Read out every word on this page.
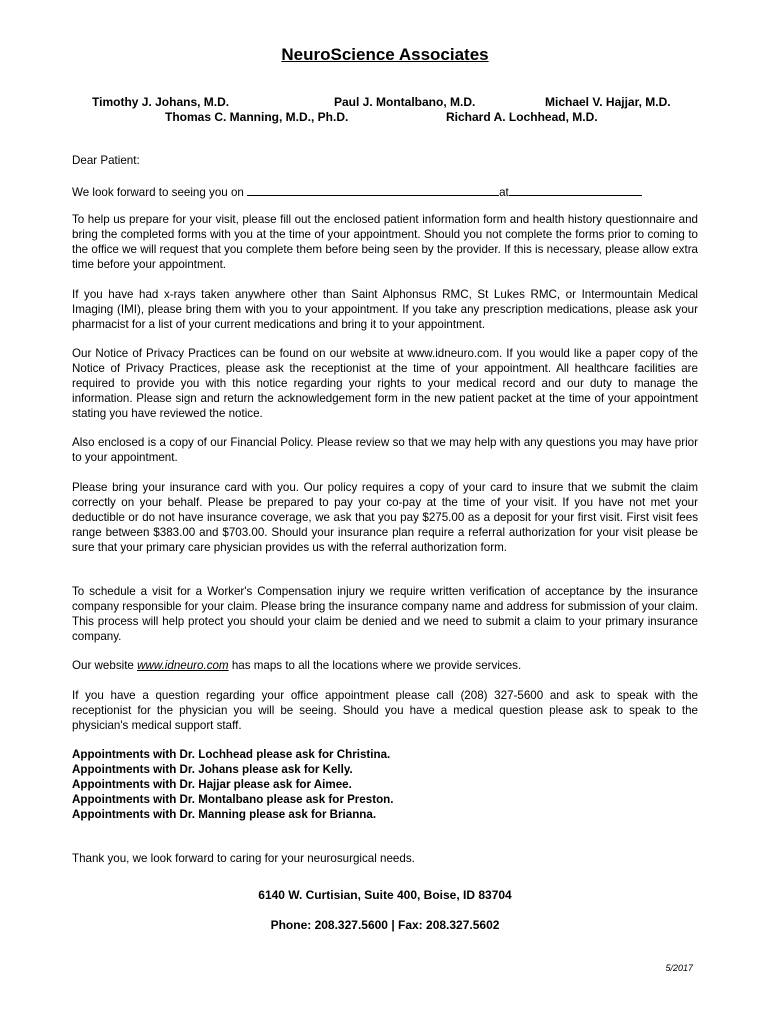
NeuroScience Associates
Timothy J. Johans, M.D.	Paul J. Montalbano, M.D.	Michael V. Hajjar, M.D.
Thomas C. Manning, M.D., Ph.D.	Richard A. Lochhead, M.D.
Dear Patient:
We look forward to seeing you on	at

To help us prepare for your visit, please fill out the enclosed patient information form and health history questionnaire and bring the completed forms with you at the time of your appointment. Should you not complete the forms prior to coming to the office we will request that you complete them before being seen by the provider. If this is necessary, please allow extra time before your appointment.

If you have had x-rays taken anywhere other than Saint Alphonsus RMC, St Lukes RMC, or Intermountain Medical Imaging (IMI), please bring them with you to your appointment. If you take any prescription medications, please ask your pharmacist for a list of your current medications and bring it to your appointment.

Our Notice of Privacy Practices can be found on our website at www.idneuro.com. If you would like a paper copy of the Notice of Privacy Practices, please ask the receptionist at the time of your appointment. All healthcare facilities are required to provide you with this notice regarding your rights to your medical record and our duty to manage the information. Please sign and return the acknowledgement form in the new patient packet at the time of your appointment stating you have reviewed the notice.

Also enclosed is a copy of our Financial Policy. Please review so that we may help with any questions you may have prior to your appointment.

Please bring your insurance card with you. Our policy requires a copy of your card to insure that we submit the claim correctly on your behalf. Please be prepared to pay your co-pay at the time of your visit. If you have not met your deductible or do not have insurance coverage, we ask that you pay $275.00 as a deposit for your first visit. First visit fees range between $383.00 and $703.00. Should your insurance plan require a referral authorization for your visit please be sure that your primary care physician provides us with the referral authorization form.

To schedule a visit for a Worker's Compensation injury we require written verification of acceptance by the insurance company responsible for your claim. Please bring the insurance company name and address for submission of your claim. This process will help protect you should your claim be denied and we need to submit a claim to your primary insurance company.

Our website www.idneuro.com has maps to all the locations where we provide services.

If you have a question regarding your office appointment please call (208) 327-5600 and ask to speak with the receptionist for the physician you will be seeing. Should you have a medical question please ask to speak to the physician's medical support staff.

Appointments with Dr. Lochhead please ask for Christina.
Appointments with Dr. Johans please ask for Kelly.
Appointments with Dr. Hajjar please ask for Aimee.
Appointments with Dr. Montalbano please ask for Preston.
Appointments with Dr. Manning please ask for Brianna.

Thank you, we look forward to caring for your neurosurgical needs.

6140 W. Curtisian, Suite 400, Boise, ID 83704
Phone: 208.327.5600 | Fax: 208.327.5602
5/2017
